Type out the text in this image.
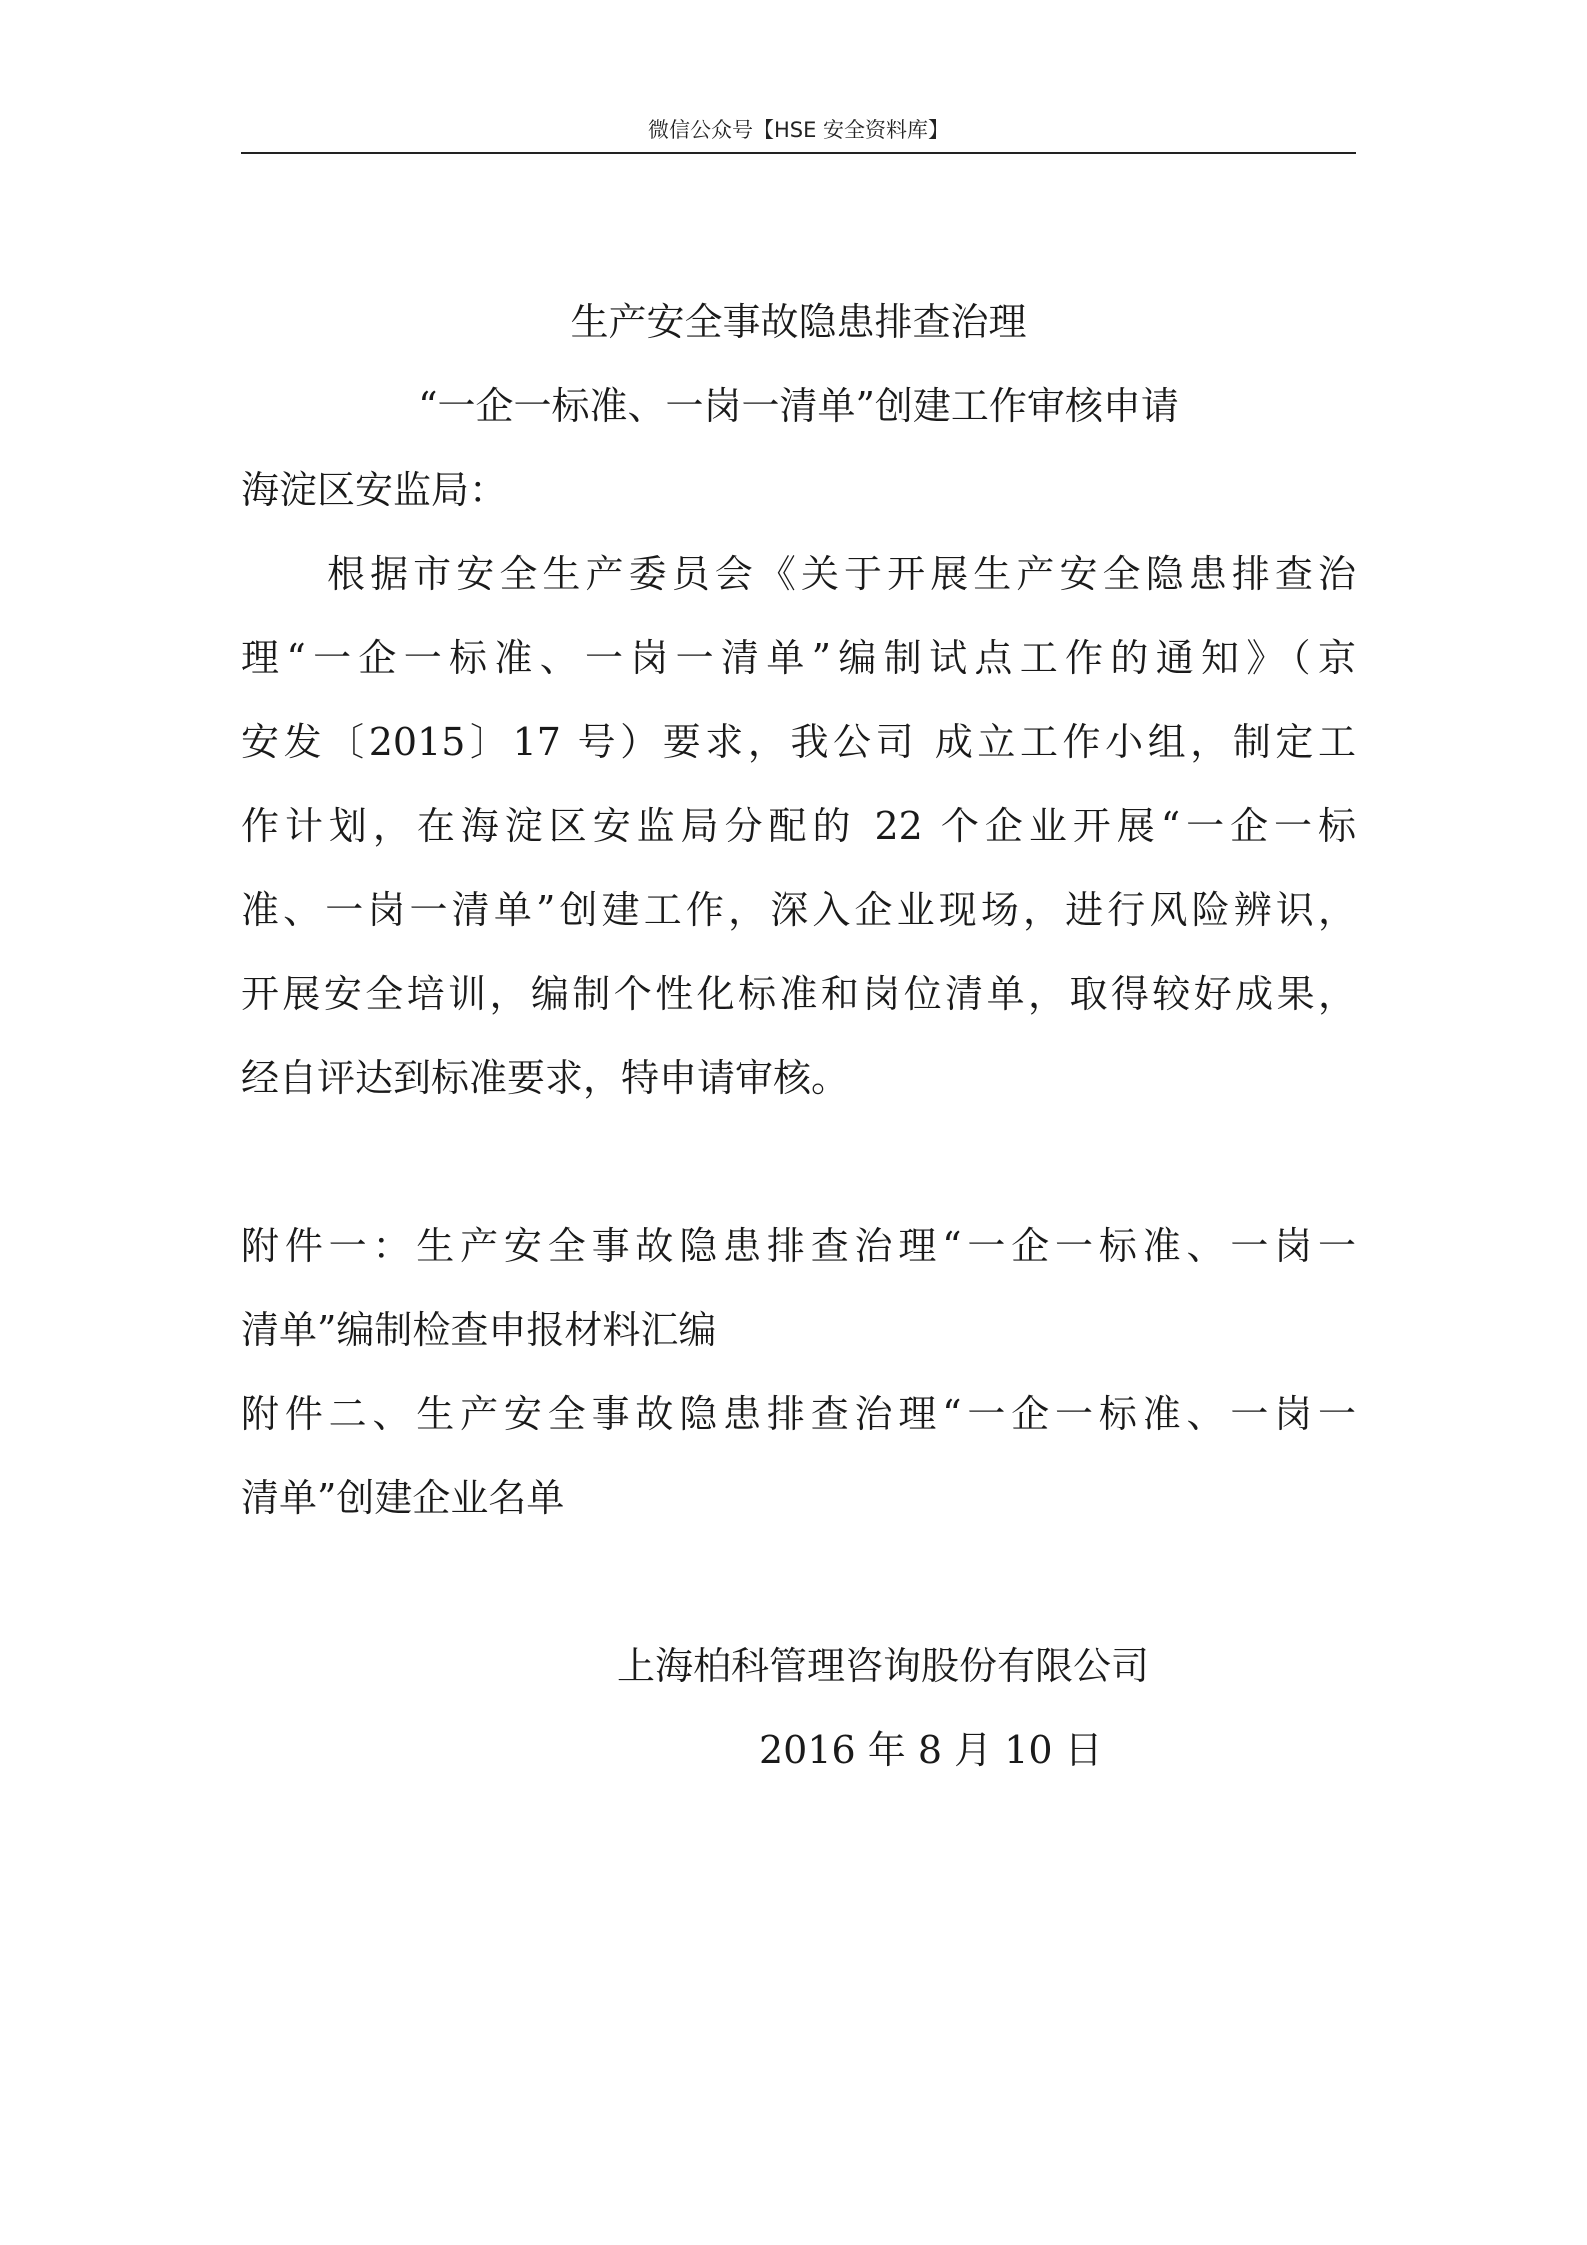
微信公众号【HSE 安全资料库】

生产安全事故隐患排查治理

“一企一标准、一岗一清单”创建工作审核申请

海淀区安监局：

根据市安全生产委员会《关于开展生产安全隐患排查治

理“一企一标准、一岗一清单”编制试点工作的通知》（京

安发〔2015〕17 号）要求，我公司 成立工作小组，制定工

作计划，在海淀区安监局分配的 22 个企业开展“一企一标

准、一岗一清单”创建工作，深入企业现场，进行风险辨识，

开展安全培训，编制个性化标准和岗位清单，取得较好成果，

经自评达到标准要求，特申请审核。

附件一：生产安全事故隐患排查治理“一企一标准、一岗一

清单”编制检查申报材料汇编

附件二、生产安全事故隐患排查治理“一企一标准、一岗一

清单”创建企业名单

上海柏科管理咨询股份有限公司

2016 年 8 月 10 日
